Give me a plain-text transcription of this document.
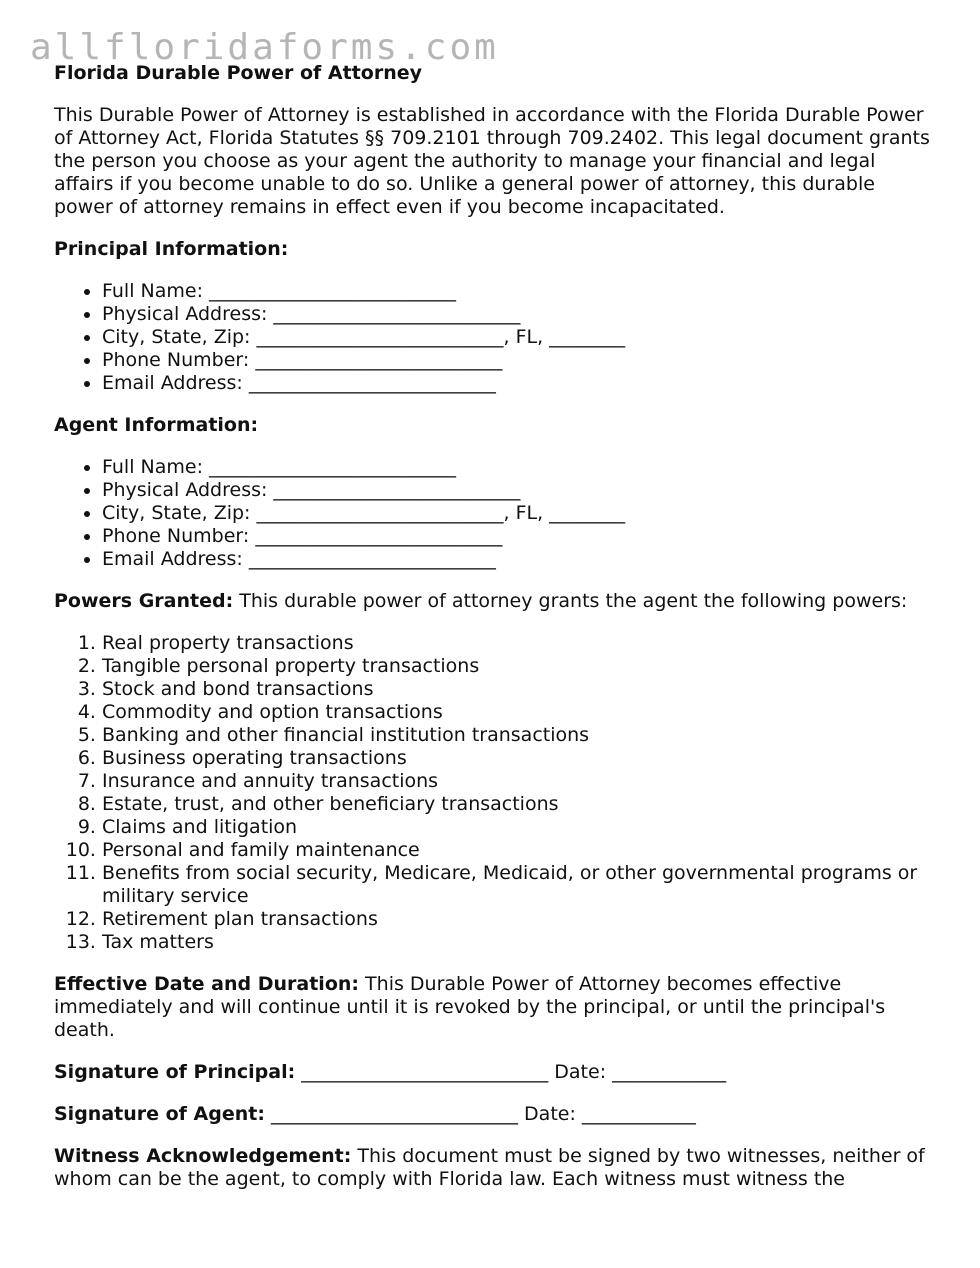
allfloridaforms.com
Florida Durable Power of Attorney

This Durable Power of Attorney is established in accordance with the Florida Durable Power of Attorney Act, Florida Statutes §§ 709.2101 through 709.2402. This legal document grants the person you choose as your agent the authority to manage your financial and legal affairs if you become unable to do so. Unlike a general power of attorney, this durable power of attorney remains in effect even if you become incapacitated.

Principal Information:
• Full Name: __________________________
• Physical Address: __________________________
• City, State, Zip: __________________________, FL, ________
• Phone Number: __________________________
• Email Address: __________________________
Agent Information:
• Full Name: __________________________
• Physical Address: __________________________
• City, State, Zip: __________________________, FL, ________
• Phone Number: __________________________
• Email Address: __________________________

Powers Granted: This durable power of attorney grants the agent the following powers:

1. Real property transactions
2. Tangible personal property transactions
3. Stock and bond transactions
4. Commodity and option transactions
5. Banking and other financial institution transactions
6. Business operating transactions
7. Insurance and annuity transactions
8. Estate, trust, and other beneficiary transactions
9. Claims and litigation
10. Personal and family maintenance
11. Benefits from social security, Medicare, Medicaid, or other governmental programs or military service
12. Retirement plan transactions
13. Tax matters

Effective Date and Duration: This Durable Power of Attorney becomes effective immediately and will continue until it is revoked by the principal, or until the principal's death.

Signature of Principal: __________________________ Date: ____________

Signature of Agent: __________________________ Date: ____________

Witness Acknowledgement: This document must be signed by two witnesses, neither of whom can be the agent, to comply with Florida law. Each witness must witness the
